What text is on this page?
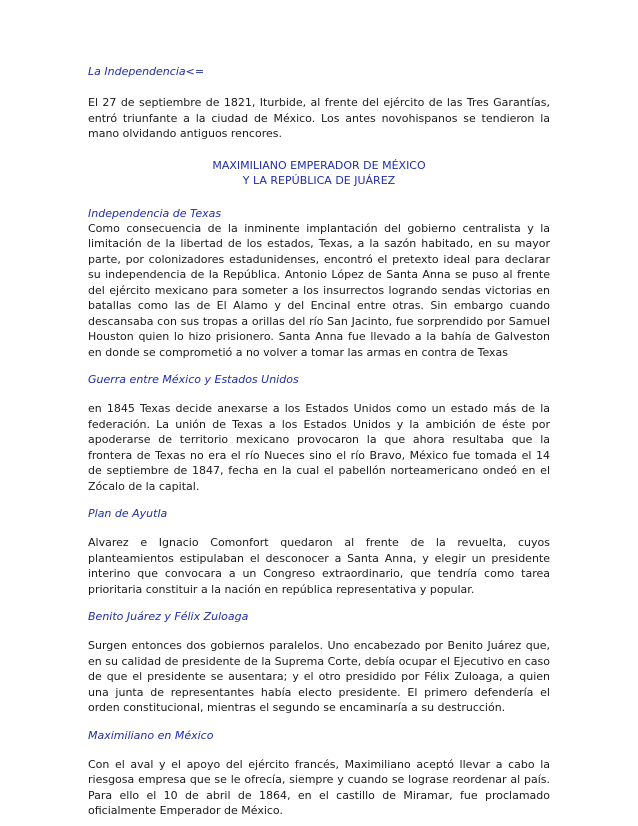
La Independencia<=

El 27 de septiembre de 1821, Iturbide, al frente del ejército de las Tres Garantías, entró triunfante a la ciudad de México. Los antes novohispanos se tendieron la mano olvidando antiguos rencores.

MAXIMILIANO EMPERADOR DE MÉXICO
Y LA REPÚBLICA DE JUÁREZ
Independencia de Texas

Como consecuencia de la inminente implantación del gobierno centralista y la limitación de la libertad de los estados, Texas, a la sazón habitado, en su mayor parte, por colonizadores estadunidenses, encontró el pretexto ideal para declarar su independencia de la República. Antonio López de Santa Anna se puso al frente del ejército mexicano para someter a los insurrectos logrando sendas victorias en batallas como las de El Alamo y del Encinal entre otras. Sin embargo cuando descansaba con sus tropas a orillas del río San Jacinto, fue sorprendido por Samuel Houston quien lo hizo prisionero. Santa Anna fue llevado a la bahía de Galveston en donde se comprometió a no volver a tomar las armas en contra de Texas

Guerra entre México y Estados Unidos

en 1845 Texas decide anexarse a los Estados Unidos como un estado más de la federación. La unión de Texas a los Estados Unidos y la ambición de éste por apoderarse de territorio mexicano provocaron la que ahora resultaba que la frontera de Texas no era el río Nueces sino el río Bravo, México fue tomada el 14 de septiembre de 1847, fecha en la cual el pabellón norteamericano ondeó en el Zócalo de la capital.

Plan de Ayutla

Alvarez e Ignacio Comonfort quedaron al frente de la revuelta, cuyos planteamientos estipulaban el desconocer a Santa Anna, y elegir un presidente interino que convocara a un Congreso extraordinario, que tendría como tarea prioritaria constituir a la nación en república representativa y popular.

Benito Juárez y Félix Zuloaga

Surgen entonces dos gobiernos paralelos. Uno encabezado por Benito Juárez que, en su calidad de presidente de la Suprema Corte, debía ocupar el Ejecutivo en caso de que el presidente se ausentara; y el otro presidido por Félix Zuloaga, a quien una junta de representantes había electo presidente. El primero defendería el orden constitucional, mientras el segundo se encaminaría a su destrucción.

Maximiliano en México

Con el aval y el apoyo del ejército francés, Maximiliano aceptó llevar a cabo la riesgosa empresa que se le ofrecía, siempre y cuando se lograse reordenar al país. Para ello el 10 de abril de 1864, en el castillo de Miramar, fue proclamado oficialmente Emperador de México.
